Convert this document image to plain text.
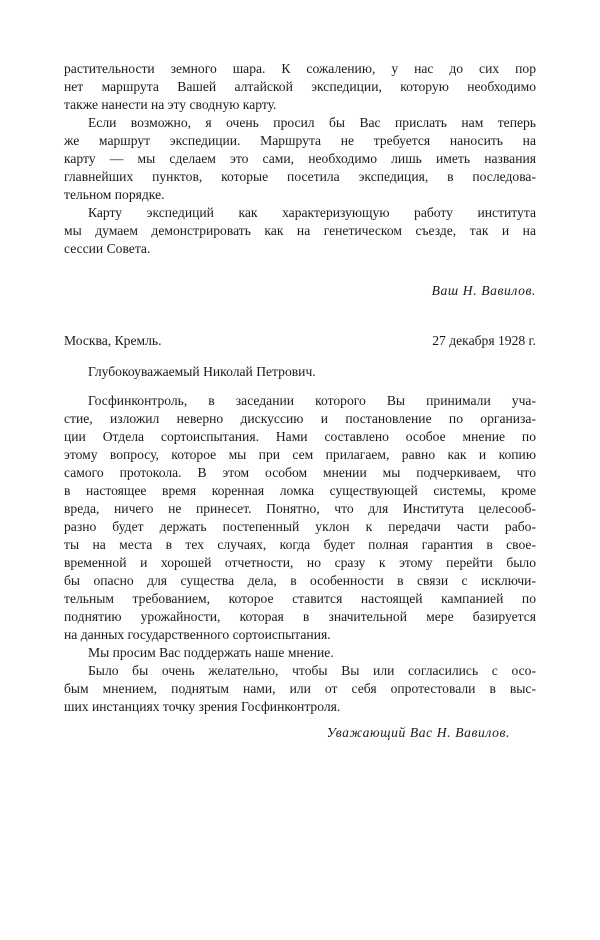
растительности земного шара. К сожалению, у нас до сих пор
нет маршрута Вашей алтайской экспедиции, которую необходимо
также нанести на эту сводную карту.
Если возможно, я очень просил бы Вас прислать нам теперь
же маршрут экспедиции. Маршрута не требуется наносить на
карту — мы сделаем это сами, необходимо лишь иметь названия
главнейших пунктов, которые посетила экспедиция, в последова-
тельном порядке.
Карту экспедиций как характеризующую работу института
мы думаем демонстрировать как на генетическом съезде, так и на
сессии Совета.
Ваш Н. Вавилов.
Москва, Кремль.	27 декабря 1928 г.
Глубокоуважаемый Николай Петрович.
Госфинконтроль, в заседании которого Вы принимали уча-
стие, изложил неверно дискуссию и постановление по организа-
ции Отдела сортоиспытания. Нами составлено особое мнение по
этому вопросу, которое мы при сем прилагаем, равно как и копию
самого протокола. В этом особом мнении мы подчеркиваем, что
в настоящее время коренная ломка существующей системы, кроме
вреда, ничего не принесет. Понятно, что для Института целесооб-
разно будет держать постепенный уклон к передачи части рабо-
ты на места в тех случаях, когда будет полная гарантия в свое-
временной и хорошей отчетности, но сразу к этому перейти было
бы опасно для существа дела, в особенности в связи с исключи-
тельным требованием, которое ставится настоящей кампанией по
поднятию урожайности, которая в значительной мере базируется
на данных государственного сортоиспытания.
Мы просим Вас поддержать наше мнение.
Было бы очень желательно, чтобы Вы или согласились с осо-
бым мнением, поднятым нами, или от себя опротестовали в выс-
ших инстанциях точку зрения Госфинконтроля.
Уважающий Вас Н. Вавилов.
